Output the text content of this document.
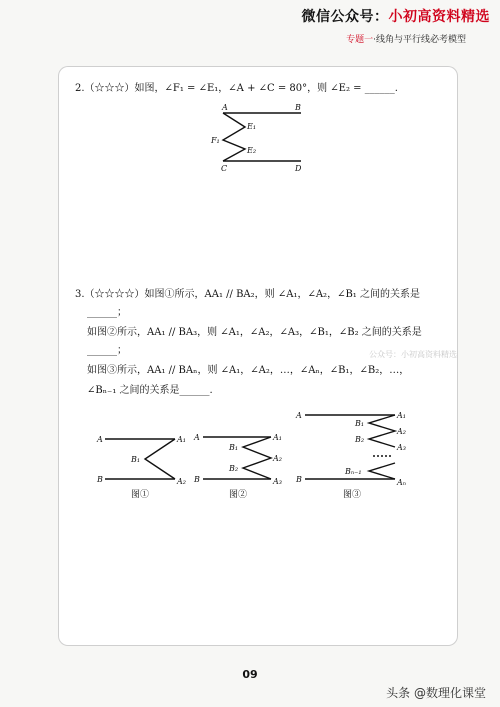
微信公众号：小初高资料精选
专题一·线角与平行线必考模型
2.（☆☆☆）如图，∠F₁ = ∠E₁，∠A + ∠C = 80°，则 ∠E₂ = ______.
A	B
F₁
E₁
E₂
C	D
3.（☆☆☆☆）如图①所示，AA₁ // BA₂，则 ∠A₁，∠A₂，∠B₁ 之间的关系是
______；
如图②所示，AA₁ // BA₃，则 ∠A₁，∠A₂，∠A₃，∠B₁，∠B₂ 之间的关系是
______；
如图③所示，AA₁ // BAₙ，则 ∠A₁，∠A₂，…，∠Aₙ，∠B₁，∠B₂，…，
∠Bₙ₋₁ 之间的关系是______.
公众号：小初高资料精选
A
B
A₁
A₂
B₁
图①
A
B
A₁
A₂
A₃
B₁
B₂
图②
A
B
A₁
A₂
A₃
Aₙ
B₁
B₂
Bₙ₋₁
图③
09
头条 @数理化课堂
